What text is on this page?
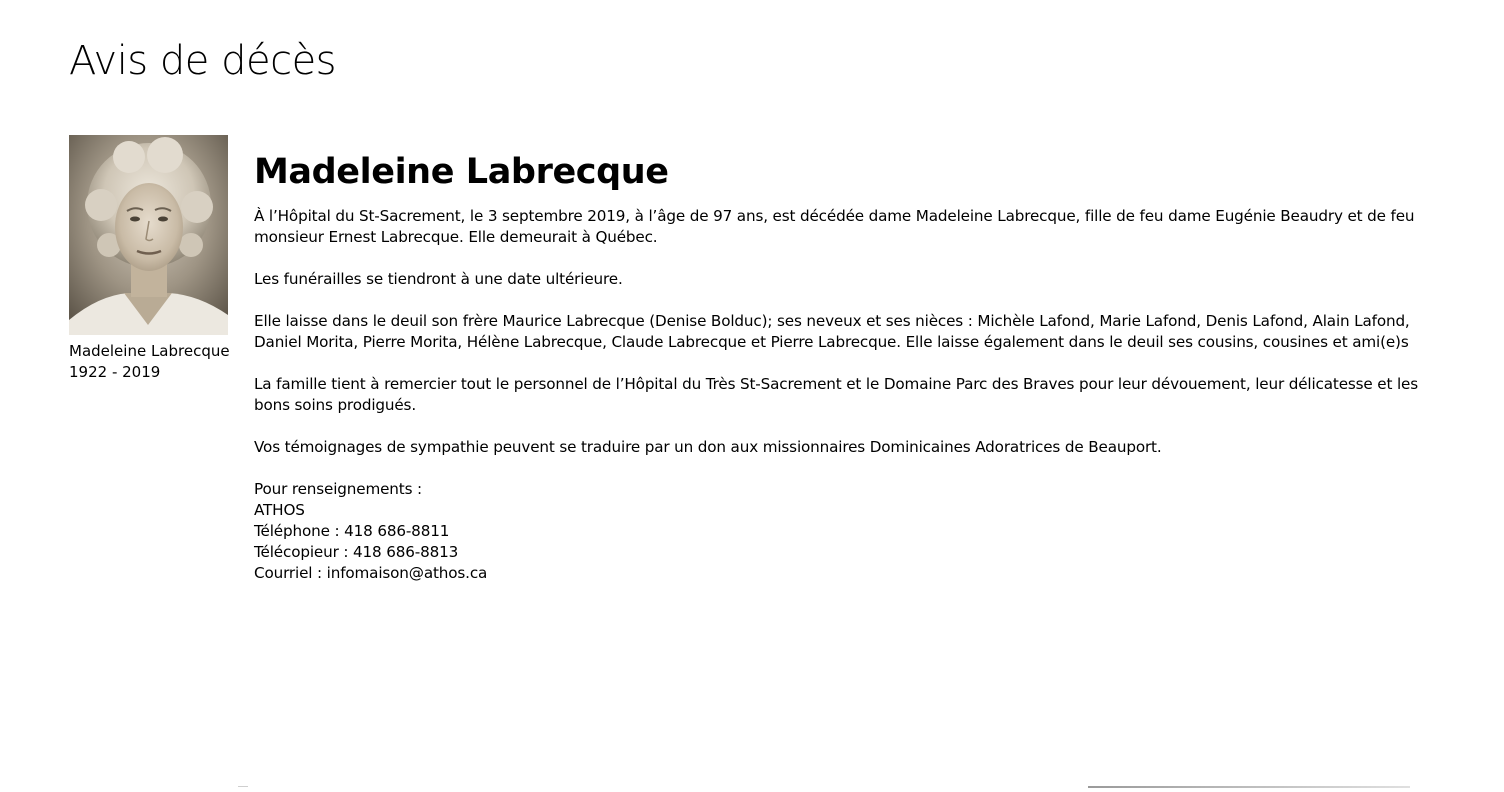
Avis de décès
Madeleine Labrecque
1922 - 2019
Madeleine Labrecque

À l’Hôpital du St-Sacrement, le 3 septembre 2019, à l’âge de 97 ans, est décédée dame Madeleine Labrecque, fille de feu dame Eugénie Beaudry et de feu monsieur Ernest Labrecque. Elle demeurait à Québec.

Les funérailles se tiendront à une date ultérieure.

Elle laisse dans le deuil son frère Maurice Labrecque (Denise Bolduc); ses neveux et ses nièces : Michèle Lafond, Marie Lafond, Denis Lafond, Alain Lafond, Daniel Morita, Pierre Morita, Hélène Labrecque, Claude Labrecque et Pierre Labrecque. Elle laisse également dans le deuil ses cousins, cousines et ami(e)s

La famille tient à remercier tout le personnel de l’Hôpital du Très St-Sacrement et le Domaine Parc des Braves pour leur dévouement, leur délicatesse et les bons soins prodigués.

Vos témoignages de sympathie peuvent se traduire par un don aux missionnaires Dominicaines Adoratrices de Beauport.

Pour renseignements :
ATHOS
Téléphone : 418 686-8811
Télécopieur : 418 686-8813
Courriel : infomaison@athos.ca
